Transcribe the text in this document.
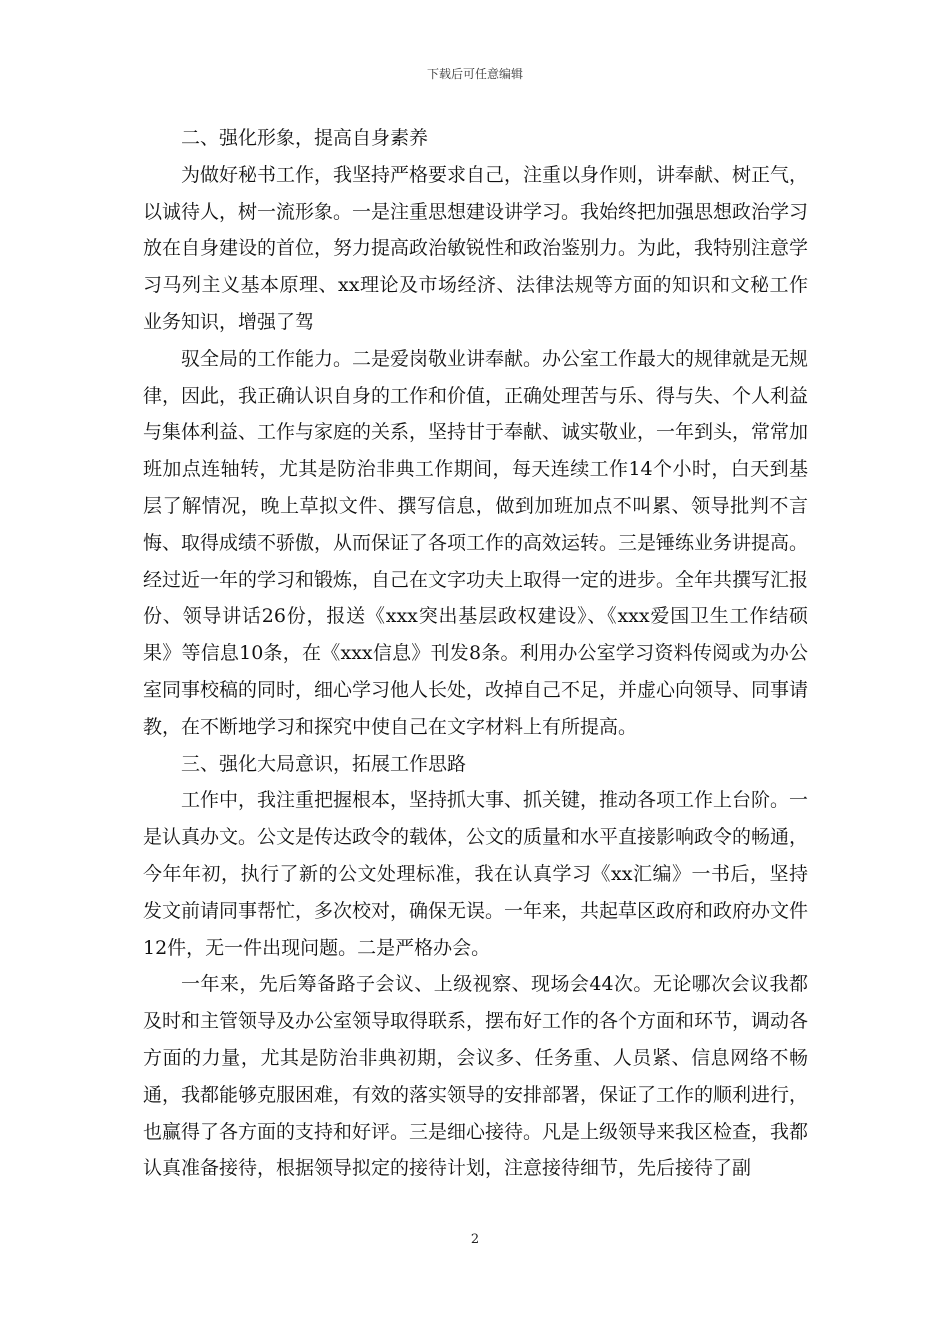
下载后可任意编辑

二、强化形象，提高自身素养

为做好秘书工作，我坚持严格要求自己，注重以身作则，讲奉献、树正气，以诚待人，树一流形象。一是注重思想建设讲学习。我始终把加强思想政治学习放在自身建设的首位，努力提高政治敏锐性和政治鉴别力。为此，我特别注意学习马列主义基本原理、xx理论及市场经济、法律法规等方面的知识和文秘工作业务知识，增强了驾

驭全局的工作能力。二是爱岗敬业讲奉献。办公室工作最大的规律就是无规律，因此，我正确认识自身的工作和价值，正确处理苦与乐、得与失、个人利益与集体利益、工作与家庭的关系，坚持甘于奉献、诚实敬业，一年到头，常常加班加点连轴转，尤其是防治非典工作期间，每天连续工作14个小时，白天到基层了解情况，晚上草拟文件、撰写信息，做到加班加点不叫累、领导批判不言悔、取得成绩不骄傲，从而保证了各项工作的高效运转。三是锤练业务讲提高。经过近一年的学习和锻炼，自己在文字功夫上取得一定的进步。全年共撰写汇报份、领导讲话26份，报送《xxx突出基层政权建设》、《xxx爱国卫生工作结硕果》等信息10条，在《xxx信息》刊发8条。利用办公室学习资料传阅或为办公室同事校稿的同时，细心学习他人长处，改掉自己不足，并虚心向领导、同事请教，在不断地学习和探究中使自己在文字材料上有所提高。

三、强化大局意识，拓展工作思路

工作中，我注重把握根本，坚持抓大事、抓关键，推动各项工作上台阶。一是认真办文。公文是传达政令的载体，公文的质量和水平直接影响政令的畅通，今年年初，执行了新的公文处理标准，我在认真学习《xx汇编》一书后，坚持发文前请同事帮忙，多次校对，确保无误。一年来，共起草区政府和政府办文件12件，无一件出现问题。二是严格办会。

一年来，先后筹备路子会议、上级视察、现场会44次。无论哪次会议我都及时和主管领导及办公室领导取得联系，摆布好工作的各个方面和环节，调动各方面的力量，尤其是防治非典初期，会议多、任务重、人员紧、信息网络不畅通，我都能够克服困难，有效的落实领导的安排部署，保证了工作的顺利进行，也赢得了各方面的支持和好评。三是细心接待。凡是上级领导来我区检查，我都认真准备接待，根据领导拟定的接待计划，注意接待细节，先后接待了副

2
